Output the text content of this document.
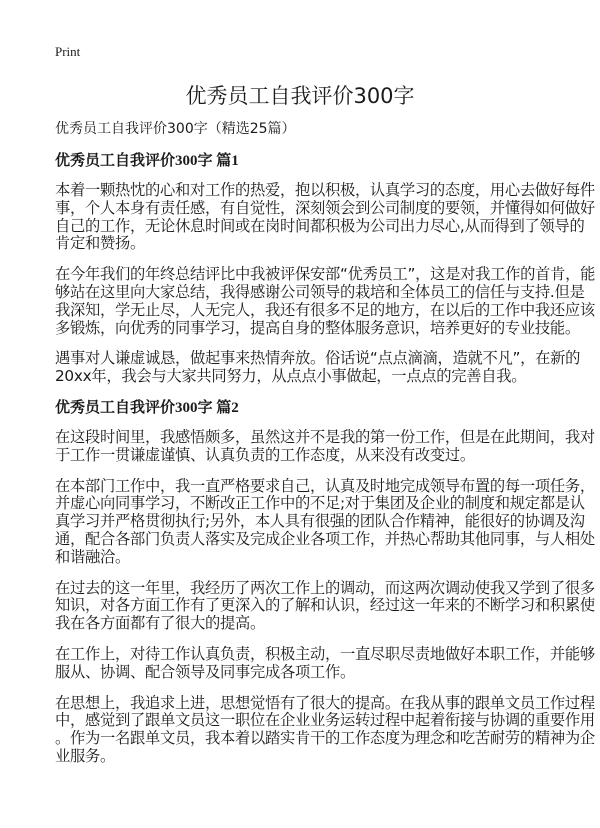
Print
优秀员工自我评价300字
优秀员工自我评价300字（精选25篇）
优秀员工自我评价300字 篇1
本着一颗热忱的心和对工作的热爱，抱以积极，认真学习的态度，用心去做好每件
事，个人本身有责任感，有自觉性，深刻领会到公司制度的要领，并懂得如何做好
自己的工作，无论休息时间或在岗时间都积极为公司出力尽心,从而得到了领导的
肯定和赞扬。
在今年我们的年终总结评比中我被评保安部“优秀员工”，这是对我工作的首肯，能
够站在这里向大家总结，我得感谢公司领导的栽培和全体员工的信任与支持.但是
我深知，学无止尽，人无完人，我还有很多不足的地方，在以后的工作中我还应该
多锻炼，向优秀的同事学习，提高自身的整体服务意识，培养更好的专业技能。
遇事对人谦虚诚恳，做起事来热情奔放。俗话说“点点滴滴，造就不凡”，在新的
20xx年，我会与大家共同努力，从点点小事做起，一点点的完善自我。
优秀员工自我评价300字 篇2
在这段时间里，我感悟颇多，虽然这并不是我的第一份工作，但是在此期间，我对
于工作一贯谦虚谨慎、认真负责的工作态度，从来没有改变过。
在本部门工作中，我一直严格要求自己，认真及时地完成领导布置的每一项任务，
并虚心向同事学习，不断改正工作中的不足;对于集团及企业的制度和规定都是认
真学习并严格贯彻执行;另外，本人具有很强的团队合作精神，能很好的协调及沟
通，配合各部门负责人落实及完成企业各项工作，并热心帮助其他同事，与人相处
和谐融洽。
在过去的这一年里，我经历了两次工作上的调动，而这两次调动使我又学到了很多
知识，对各方面工作有了更深入的了解和认识，经过这一年来的不断学习和积累使
我在各方面都有了很大的提高。
在工作上，对待工作认真负责，积极主动，一直尽职尽责地做好本职工作，并能够
服从、协调、配合领导及同事完成各项工作。
在思想上，我追求上进，思想觉悟有了很大的提高。在我从事的跟单文员工作过程
中，感觉到了跟单文员这一职位在企业业务运转过程中起着衔接与协调的重要作用
。作为一名跟单文员，我本着以踏实肯干的工作态度为理念和吃苦耐劳的精神为企
业服务。
